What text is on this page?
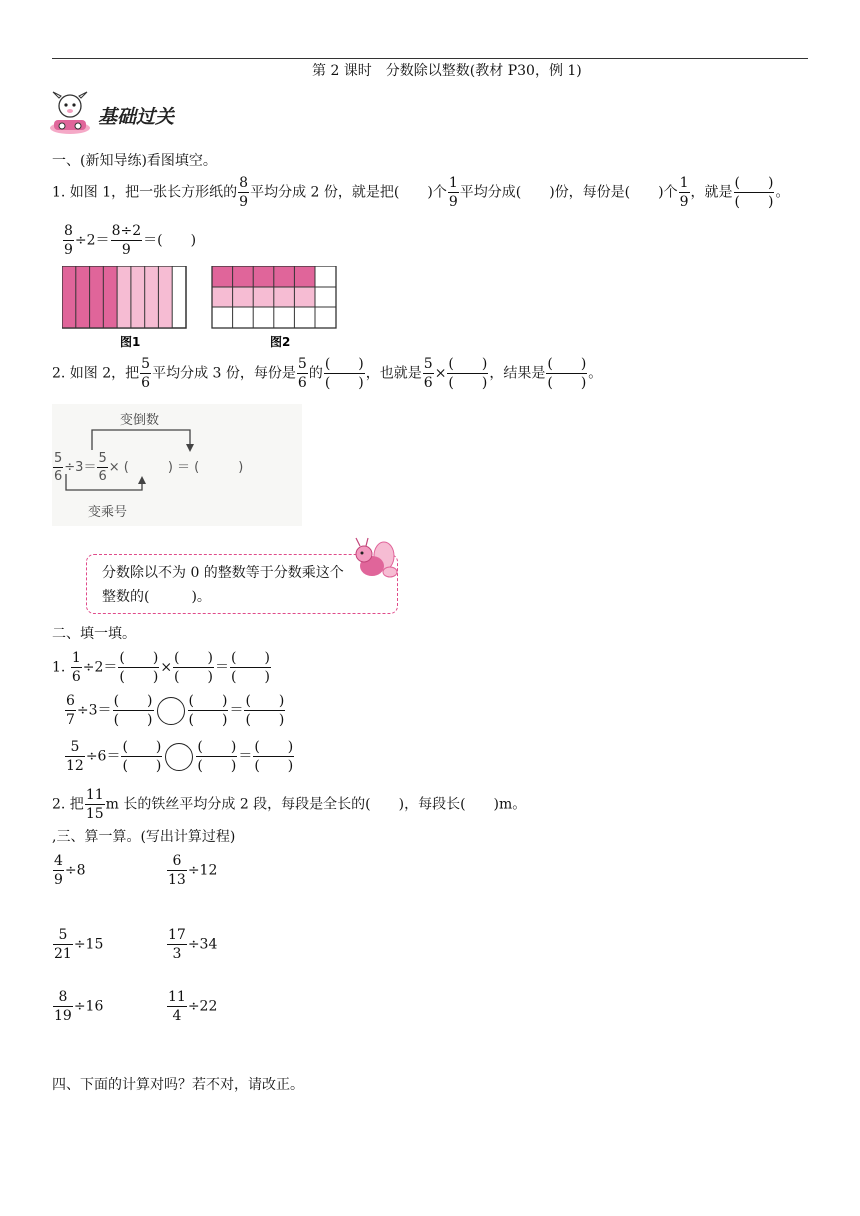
第 2 课时　分数除以整数(教材 P30，例 1)
基础过关
一、(新知导练)看图填空。
1. 如图 1，把一张长方形纸的 $\frac{8}{9}$ 平均分成 2 份，就是把(　　)个 $\frac{1}{9}$ 平均分成(　　)份，每份是(　　)个 $\frac{1}{9}$ ，就是
(　　)
(　　)
。
$\frac{8}{9} \div 2= \frac{8\div 2}{9}$ ＝(　　)
图1	图2
2. 如图 2，把 $\frac{5}{6}$ 平均分成 3 份，每份是 $\frac{5}{6}$ 的
(　　)
(　　)
，也就是 $\frac{5}{6}$ ×
(　　)
(　　)
，结果是
(　　)
(　　)
。
变倒数
变乘号
$\frac{5}{6} \div 3= \frac{5}{6}$ × (　　　) ＝ (　　　)
分数除以不为 0 的整数等于分数乘这个
整数的(　　　)。
二、填一填。
1. $\frac{1}{6} \div 2=$
(　　)
(　　)
×
(　　)
(　　)
＝
(　　)
(　　)
$\frac{6}{7} \div 3=$
(　　)
(　　)
(　　)
(　　)
＝
(　　)
(　　)
$\frac{5}{12} \div 6=$
(　　)
(　　)
(　　)
(　　)
＝
(　　)
(　　)
2. 把 $\frac{11}{15}$ m 长的铁丝平均分成 2 段，每段是全长的(　　)，每段长(　　)m。
,三、算一算。(写出计算过程)
$\frac{4}{9} \div 8$	$\frac{6}{13} \div 12$
$\frac{5}{21} \div 15$	$\frac{17}{3} \div 34$
$\frac{8}{19} \div 16$	$\frac{11}{4} \div 22$
四、下面的计算对吗？若不对，请改正。
